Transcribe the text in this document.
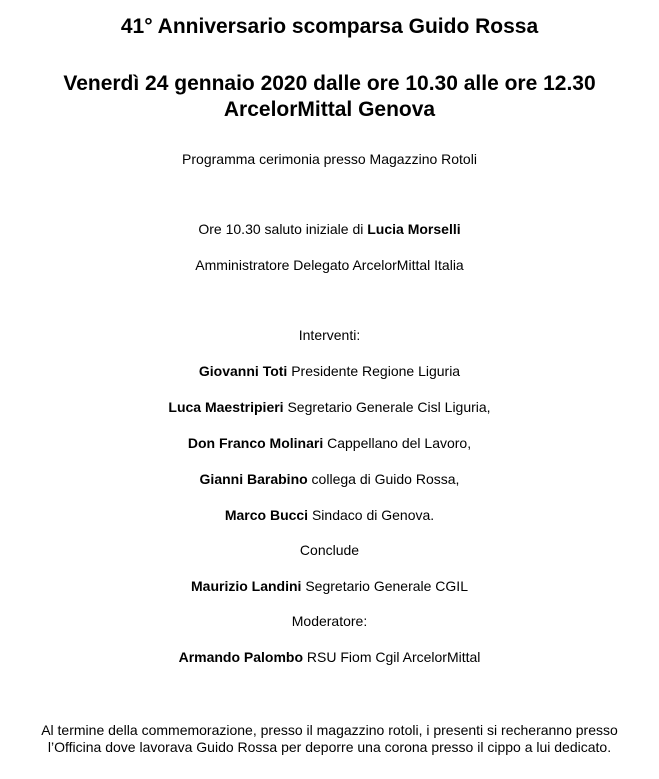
41° Anniversario scomparsa Guido Rossa
Venerdì 24 gennaio 2020 dalle ore 10.30 alle ore 12.30
ArcelorMittal Genova
Programma cerimonia presso Magazzino Rotoli
Ore 10.30 saluto iniziale di Lucia Morselli
Amministratore Delegato ArcelorMittal Italia
Interventi:
Giovanni Toti Presidente Regione Liguria
Luca Maestripieri Segretario Generale Cisl Liguria,
Don Franco Molinari Cappellano del Lavoro,
Gianni Barabino collega di Guido Rossa,
Marco Bucci Sindaco di Genova.
Conclude
Maurizio Landini Segretario Generale CGIL
Moderatore:
Armando Palombo RSU Fiom Cgil ArcelorMittal
Al termine della commemorazione, presso il magazzino rotoli, i presenti si recheranno presso l’Officina dove lavorava Guido Rossa per deporre una corona presso il cippo a lui dedicato.
